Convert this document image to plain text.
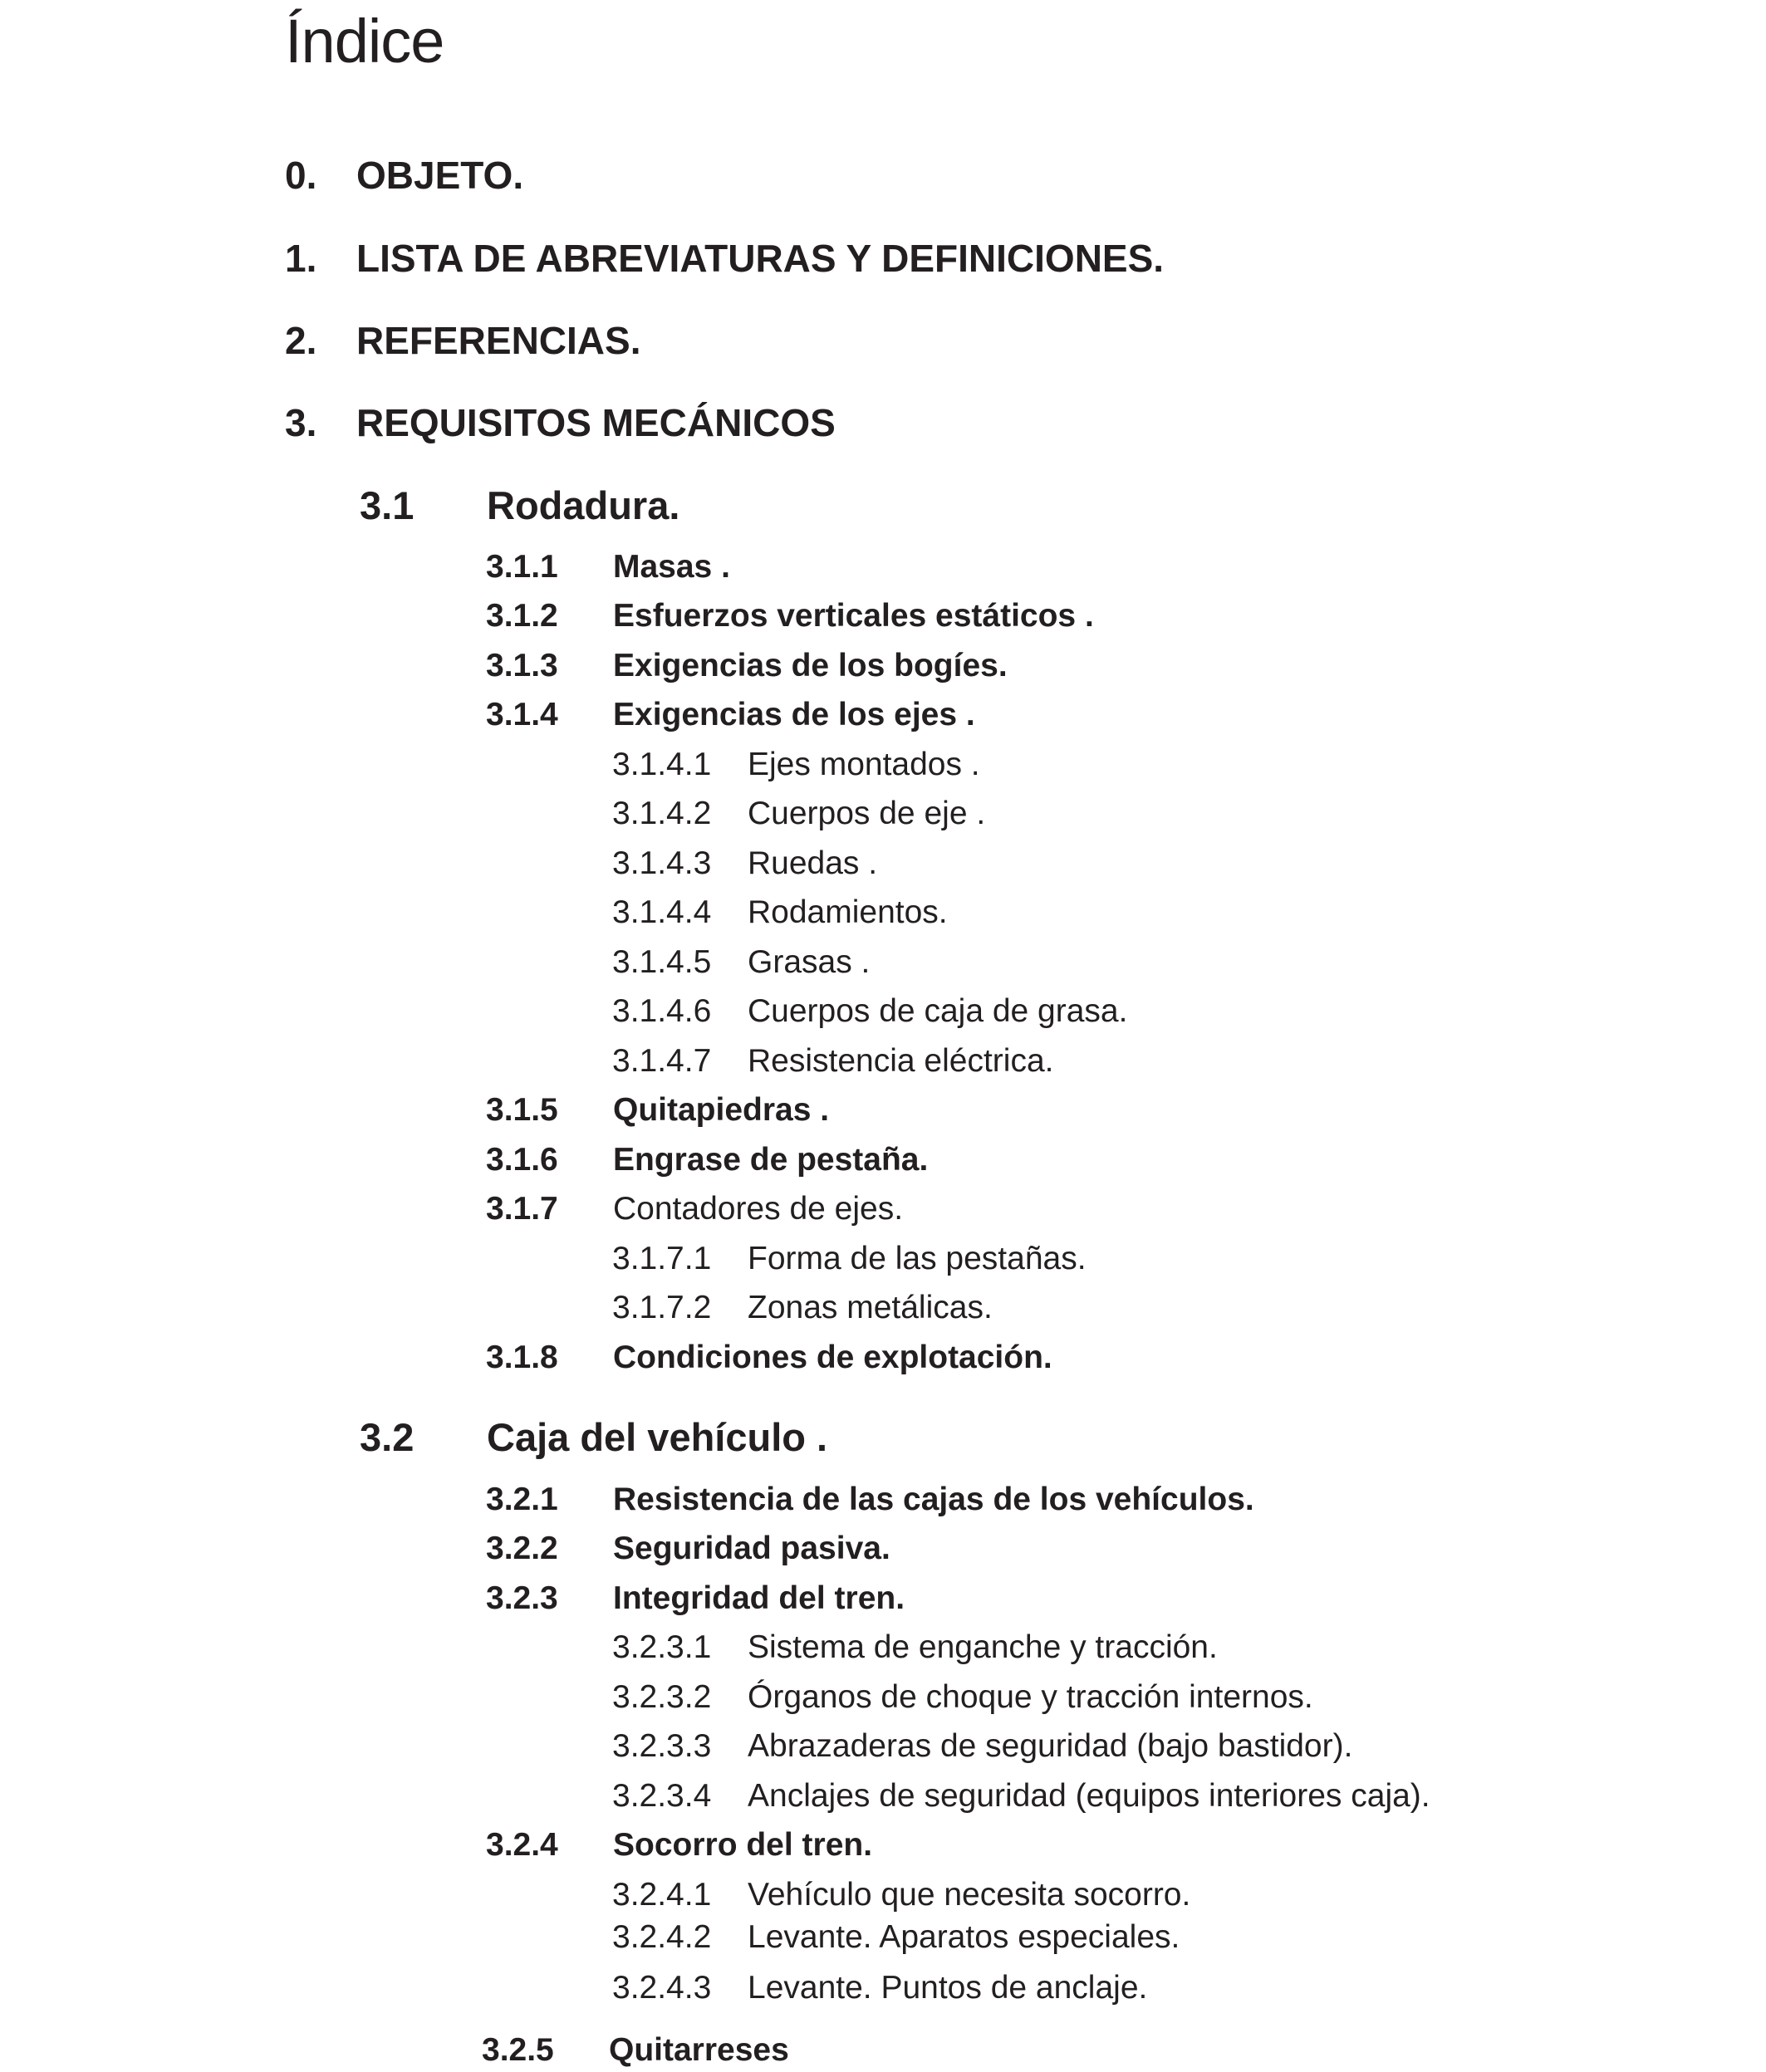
Índice
0.	OBJETO.
1.	LISTA DE ABREVIATURAS Y DEFINICIONES.
2.	REFERENCIAS.
3.	REQUISITOS MECÁNICOS
3.1	Rodadura.
3.1.1	Masas .
3.1.2	Esfuerzos verticales estáticos .
3.1.3	Exigencias de los bogíes.
3.1.4	Exigencias de los ejes .
3.1.4.1	Ejes montados .
3.1.4.2	Cuerpos de eje .
3.1.4.3	Ruedas .
3.1.4.4	Rodamientos.
3.1.4.5	Grasas .
3.1.4.6	Cuerpos de caja de grasa.
3.1.4.7	Resistencia eléctrica.
3.1.5	Quitapiedras .
3.1.6	Engrase de pestaña.
3.1.7	Contadores de ejes.
3.1.7.1	Forma de las pestañas.
3.1.7.2	Zonas metálicas.
3.1.8	Condiciones de explotación.
3.2	Caja del vehículo .
3.2.1	Resistencia de las cajas de los vehículos.
3.2.2	Seguridad pasiva.
3.2.3	Integridad del tren.
3.2.3.1	Sistema de enganche y tracción.
3.2.3.2	Órganos de choque y tracción internos.
3.2.3.3	Abrazaderas de seguridad (bajo bastidor).
3.2.3.4	Anclajes de seguridad (equipos interiores caja).
3.2.4	Socorro del tren.
3.2.4.1	Vehículo que necesita socorro.
3.2.4.2	Levante. Aparatos especiales.
3.2.4.3	Levante. Puntos de anclaje.
3.2.5	Quitarreses
